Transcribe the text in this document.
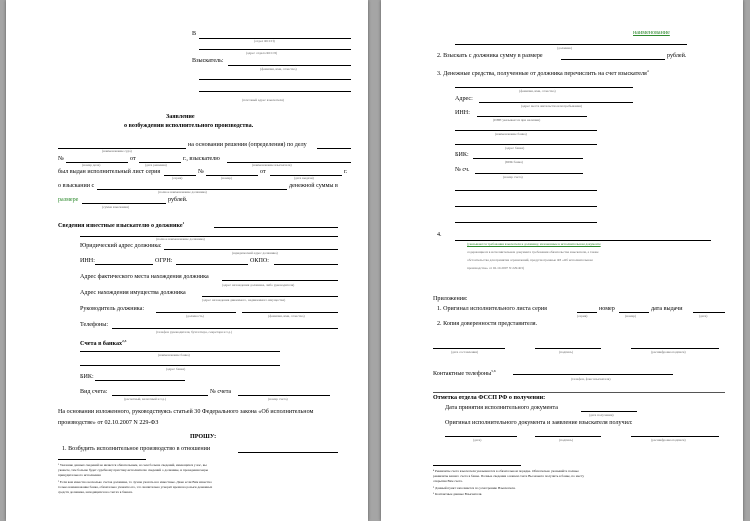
В
(отдел ФССП)
(адрес отдела ФССП)
Взыскатель:
(фамилия, имя, отчество)
(почтовый адрес взыскателя)
Заявление
о возбуждении исполнительного производства.
на основании решения (определения) по делу
(наименование суда)
№	от	г., взыскателю
(номер дела)	(дата решения)	(наименование взыскателя)
был выдан исполнительный лист серия	№	от	г.
(серия)	(номер)	(дата выдачи)
о взыскании с	денежной суммы в
(полное наименование должника)
размере	рублей.
(сумма взыскания)
Сведения известные взыскателю о должнике$^1$
(полное наименование должника)
Юридический адрес должника:
(юридический адрес должника)
ИНН:	ОГРН:	ОКПО:
Адрес фактического места нахождения должника
(адрес нахождения должника, либо руководителя)
Адрес нахождения имущества должника
(адрес нахождения движимого, недвижимого имущества)
Руководитель должника:
(должность)	(фамилия, имя, отчество)
Телефоны:
(телефон руководителя, бухгалтера, секретаря и т.д.)
Счета в банках$^{2,3}$
(наименование банка)
(адрес банка)
БИК:
Вид счета:	№ счета
(расчетный, валютный и т.д.)	(номер счета)
На основании изложенного, руководствуясь статьей 30 Федерального закона «Об исполнительном
производстве» от 02.10.2007 N 229-ФЗ
ПРОШУ:
1. Возбудить исполнительное производство в отношении
¹ Указание данных сведений не является обязательным, но чем больше сведений, имеющихся у вас, вы
укажете, тем больше будет судебному приставу-исполнителю сведений о должнике, и проведения меры
принудительного исполнения
² Если вам известно несколько счетов должника, то лучше указать все известные. Даже если Вам известно
только наименование банка, обязательно укажите его, это значительно ускорит время на розыск денежных
средств должника, находящихся на счетах в банках.
наименование
(должник)
2. Взыскать с должника сумму в размере	рублей.
3. Денежные средства, полученные от должника перечислить на счет взыскателя$^4$
(фамилия, имя, отчество)
Адрес:
(адрес места жительства или пребывания)
ИНН:
(ИНН указывается при наличии)
(наименование банка)
(адрес банка)
БИК:
(БИК банка)
№ сч.
(номер счета)
4.
(указываются требования взыскателя к должнику, изложенные в исполнительном документе
содержащиеся в исполнительном документе требования обязательства взыскателя, а также
обстоятельства для принятия ограничений, предусмотренные ФЗ «Об исполнительном
производстве» от 02.10.2007 N 229-ФЗ)
Приложения:
1. Оригинал исполнительного листа серия	номер	дата выдачи
(серия)	(номер)	(дата)
2. Копия доверенности представителя.
(дата составления)	(подпись)	(расшифровка подписи)
Контактные телефоны$^{5,6}$
(телефон, факс взыскателя)
Отметка отдела ФССП РФ о получении:
Дата принятия исполнительного документа
(дата получения)
Оригинал исполнительного документа и заявление взыскателя получил:
(дата)	(подпись)	(расшифровка подписи)
⁴ Реквизиты счета взыскателя указываются в обязательном порядке. Обязательно указывайте полные
реквизиты вашего счета в банке. Полные сведения о вашем счете Вы можете получить в банке, по месту
открытия Вам счета.
⁵ Данный пункт заполняется по усмотрению Взыскателя.
⁶ Контактные данные Взыскателя.
